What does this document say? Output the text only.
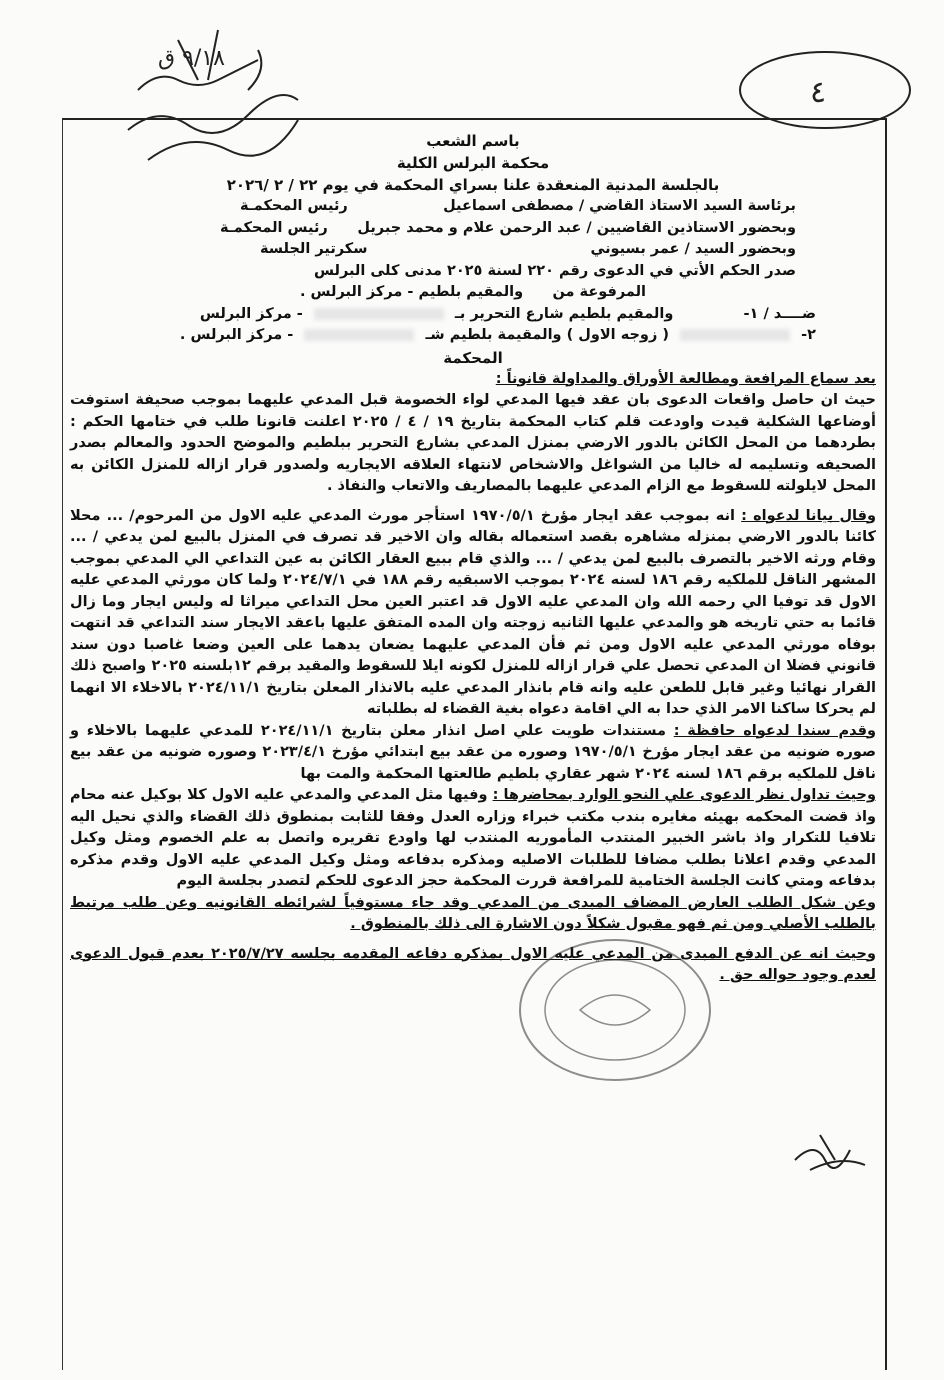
٩/١٨ ق
٤
باسم الشعب
محكمة البرلس الكلية
بالجلسة المدنية المنعقدة علنا بسراي المحكمة في يوم ٢٢ / ٢ /٢٠٢٦
برئاسة السيد الاستاذ القاضي / مصطفى اسماعيل
رئيس المحكمـة
وبحضور الاستاذين القاضيين / عبد الرحمن علام و محمد جبريل
رئيس المحكمـة
وبحضور السيد / عمر بسيوني
سكرتير الجلسة
صدر الحكم الأتي في الدعوى رقم ٢٢٠ لسنة ٢٠٢٥ مدنى كلى البرلس
المرفوعة من
والمقيم بلطيم - مركز البرلس .
ضــــد / ١-  والمقيم بلطيم شارع التحرير بـ  - مركز البرلس
٢-  ( زوجه الاول ) والمقيمة بلطيم شـ  - مركز البرلس .
المحكمة
بعد سماع المرافعة ومطالعة الأوراق والمداولة قانوناً :
حيث ان حاصل واقعات الدعوى بان عقد فيها المدعي لواء الخصومة قبل المدعي عليهما بموجب صحيفة استوفت أوضاعها الشكلية قيدت واودعت قلم كتاب المحكمة بتاريخ ١٩ / ٤ / ٢٠٢٥ اعلنت قانونا طلب في ختامها الحكم : بطردهما من المحل الكائن بالدور الارضي بمنزل المدعي بشارع التحرير ببلطيم والموضح الحدود والمعالم بصدر الصحيفه وتسليمه له خاليا من الشواغل والاشخاص لانتهاء العلاقه الايجاريه ولصدور قرار ازاله للمنزل الكائن به المحل لايلولته للسقوط مع الزام المدعي عليهما بالمصاريف والاتعاب والنفاذ .
وقال بيانا لدعواه : انه بموجب عقد ايجار مؤرخ ١٩٧٠/٥/١ استأجر مورث المدعي عليه الاول من المرحوم/ ... محلا كائنا بالدور الارضي بمنزله مشاهره بقصد استعماله بقاله وان الاخير قد تصرف في المنزل بالبيع لمن يدعي / ... وقام ورثه الاخير بالتصرف بالبيع لمن يدعي / ... والذي قام ببيع العقار الكائن به عين التداعي الي المدعي بموجب المشهر الناقل للملكيه رقم ١٨٦ لسنه ٢٠٢٤ بموجب الاسبقيه رقم ١٨٨ في ٢٠٢٤/٧/١ ولما كان مورثي المدعي عليه الاول قد توفيا الي رحمه الله وان المدعي عليه الاول قد اعتبر العين محل التداعي ميراثا له وليس ايجار وما زال قائما به حتي تاريخه هو والمدعي عليها الثانيه زوجته وان المده المتفق عليها باعقد الايجار سند التداعي قد انتهت بوفاه مورثي المدعي عليه الاول ومن ثم فأن المدعي عليهما يضعان يدهما على العين وضعا غاصبا دون سند قانوني فضلا ان المدعي تحصل علي قرار ازاله للمنزل لكونه ايلا للسقوط والمقيد برقم ١٢بلسنه ٢٠٢٥ واصبح ذلك القرار نهائيا وغير قابل للطعن عليه وانه قام بانذار المدعي عليه بالانذار المعلن بتاريخ ٢٠٢٤/١١/١ بالاخلاء الا انهما لم يحركا ساكنا الامر الذي حدا به الي اقامة دعواه بغية القضاء له بطلباته
وقدم سندا لدعواه حافظة : مستندات طويت علي اصل انذار معلن بتاريخ ٢٠٢٤/١١/١ للمدعي عليهما بالاخلاء و صوره ضونيه من عقد ايجار مؤرخ ١٩٧٠/٥/١ وصوره من عقد بيع ابتدائي مؤرخ ٢٠٢٣/٤/١ وصوره ضونيه من عقد بيع ناقل للملكيه برقم ١٨٦ لسنه ٢٠٢٤ شهر عقاري بلطيم طالعتها المحكمة والمت بها
وحيث تداول نظر الدعوى علي النحو الوارد بمحاضرها : وفيها مثل المدعي والمدعي عليه الاول كلا بوكيل عنه محام واذ قضت المحكمه بهيئه مغايره بندب مكتب خبراء وزاره العدل وفقا للثابت بمنطوق ذلك القضاء والذي نحيل اليه تلافيا للتكرار واذ باشر الخبير المنتدب المأموريه المنتدب لها واودع تقريره واتصل به علم الخصوم ومثل وكيل المدعي وقدم اعلانا بطلب مضافا للطلبات الاصليه ومذكره بدفاعه ومثل وكيل المدعي عليه الاول وقدم مذكره بدفاعه ومتي كانت الجلسة الختامية للمرافعة قررت المحكمة حجز الدعوى للحكم لتصدر بجلسة اليوم
وعن شكل الطلب العارض المضاف المبدى من المدعي وقد جاء مستوفياً لشرائطه القانونيه وعن طلب مرتبط بالطلب الأصلي ومن ثم فهو مقبول شكلاً دون الاشارة الى ذلك بالمنطوق .
وحيث انه عن الدفع المبدى من المدعي عليه الاول بمذكره دفاعه المقدمه بجلسه ٢٠٢٥/٧/٢٧ بعدم قبول الدعوى لعدم وجود حواله حق .
